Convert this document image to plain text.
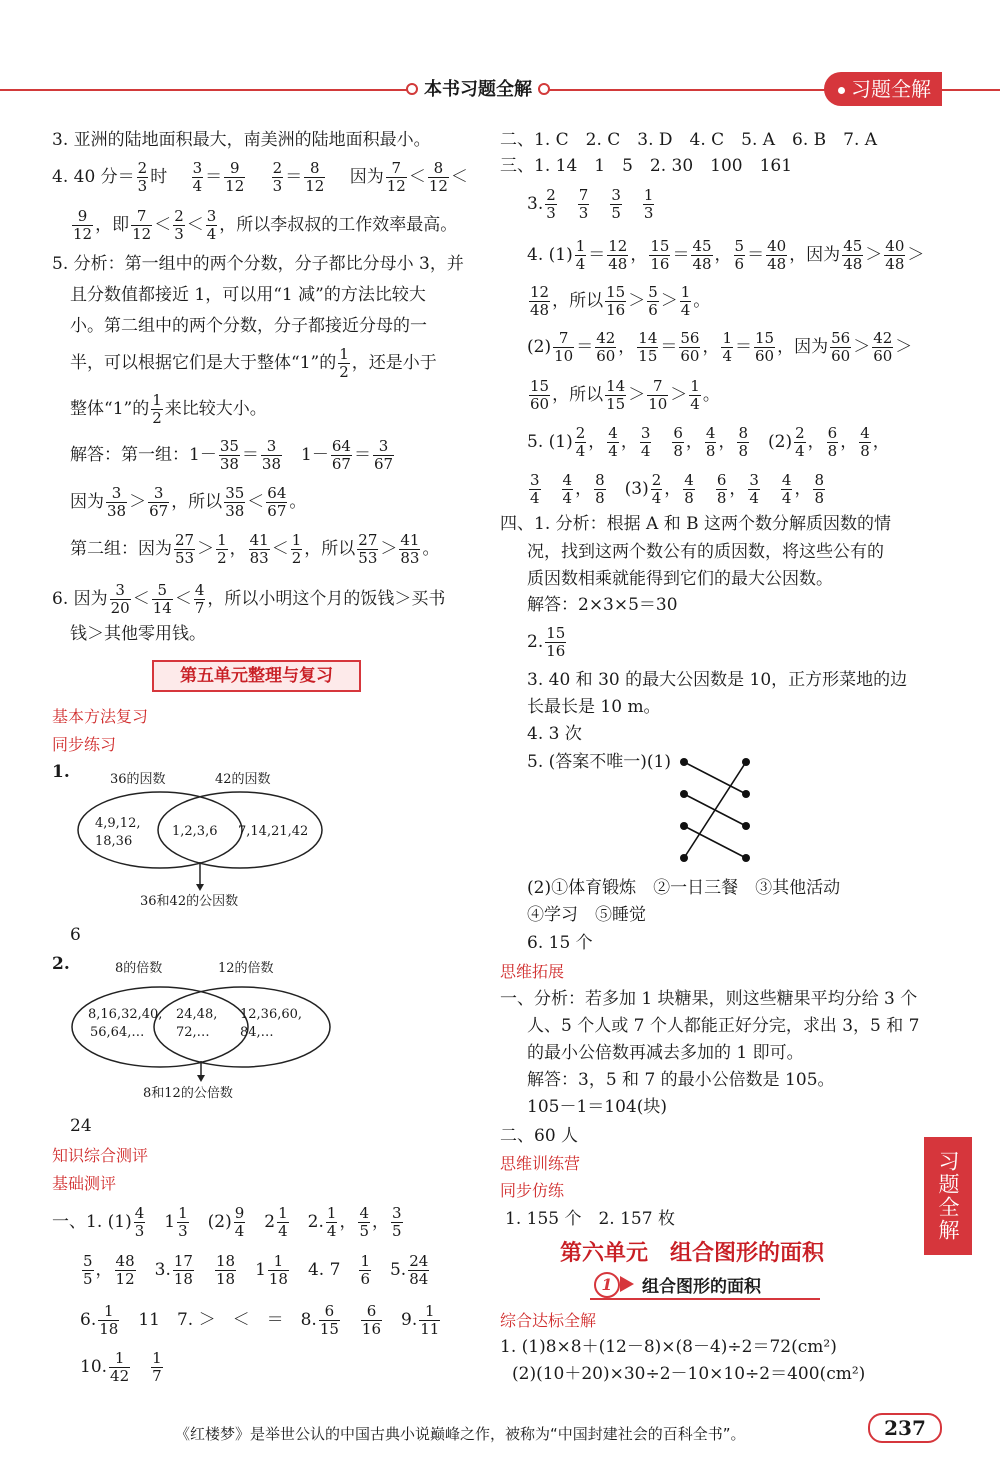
本书习题全解	习题全解
习题全解
3. 亚洲的陆地面积最大，南美洲的陆地面积最小。
4. 40 分＝ $\frac{2}{3}$ 时　 $\frac{3}{4} = \frac{9}{12}$
　 $\frac{2}{3} = \frac{8}{12}$
　 因为 $\frac{7}{12} < \frac{8}{12}$ ＜
$\frac{9}{12}$ ，即 $\frac{7}{12} < \frac{2}{3} < \frac{3}{4}$ ，所以李叔叔的工作效率最高。
5. 分析：第一组中的两个分数，分子都比分母小 3，并
且分数值都接近 1，可以用“1 减”的方法比较大
小。第二组中的两个分数，分子都接近分母的一
半，可以根据它们是大于整体“1”的 $\frac{1}{2}$ ，还是小于
整体“1”的 $\frac{1}{2}$ 来比较大小。
解答：第一组：$1- \frac{35}{38} = \frac{3}{38}$ 　$1- \frac{64}{67} = \frac{3}{67}$
因为 $\frac{3}{38} > \frac{3}{67}$ ，所以 $\frac{35}{38} < \frac{64}{67}$ 。
第二组：因为 $\frac{27}{53} > \frac{1}{2}$ ， $\frac{41}{83} < \frac{1}{2}$ ，所以 $\frac{27}{53} > \frac{41}{83}$ 。
6. 因为 $\frac{3}{20} < \frac{5}{14} < \frac{4}{7}$ ，所以小明这个月的饭钱＞买书
钱＞其他零用钱。
第五单元整理与复习
基本方法复习
同步练习
1.	36的因数	42的因数
4,9,12,
18,36
1,2,3,6 7,14,21,42
36和42的公因数
6
2.	8的倍数	12的倍数
8,16,32,40,
56,64,…
24,48,
72,…
12,36,60,
84,…
8和12的公倍数
24
知识综合测评
基础测评
一、1. $(1) \frac{4}{3}$
　 $1 \frac{1}{3}$
　 $(2) \frac{9}{4}$
　 $2 \frac{1}{4}$
　 2. $\frac{1}{4}$ ， $\frac{4}{5}$ ， $\frac{3}{5}$
$\frac{5}{5}$ ， $\frac{48}{12}$
　 3. $\frac{17}{18}$
　 $\frac{18}{18}$
　 $1 \frac{1}{18}$
　 4. 7　 $\frac{1}{6}$
　 5. $\frac{24}{84}$
6. $\frac{1}{18}$
　 11　 7. ＞　＜　＝　 8. $\frac{6}{15}$
　 $\frac{6}{16}$
　 9. $\frac{1}{11}$
10. $\frac{1}{42}$
　 $\frac{1}{7}$
二、1. C　2. C　3. D　4. C　5. A　6. B　7. A
三、1. 14　1　5　2. 30　100　161
3. $\frac{2}{3}$
　 $\frac{7}{3}$
　 $\frac{3}{5}$
　 $\frac{1}{3}$
4. $(1) \frac{1}{4} = \frac{12}{48}$ ， $\frac{15}{16} = \frac{45}{48}$ ， $\frac{5}{6} = \frac{40}{48}$ ，因为 $\frac{45}{48} > \frac{40}{48}$ ＞
$\frac{12}{48}$ ，所以 $\frac{15}{16} > \frac{5}{6} > \frac{1}{4}$ 。
$(2) \frac{7}{10} = \frac{42}{60}$ ， $\frac{14}{15} = \frac{56}{60}$ ， $\frac{1}{4} = \frac{15}{60}$ ，因为 $\frac{56}{60} > \frac{42}{60}$ ＞
$\frac{15}{60}$ ，所以 $\frac{14}{15} > \frac{7}{10} > \frac{1}{4}$ 。
5. $(1) \frac{2}{4}$ ， $\frac{4}{4}$ ， $\frac{3}{4}$
　 $\frac{6}{8}$ ， $\frac{4}{8}$ ， $\frac{8}{8}$
　 $(2) \frac{2}{4}$ ， $\frac{6}{8}$ ， $\frac{4}{8}$ ，
$\frac{3}{4}$
　 $\frac{4}{4}$ ， $\frac{8}{8}$
　 $(3) \frac{2}{4}$ ， $\frac{4}{8}$
　 $\frac{6}{8}$ ， $\frac{3}{4}$
　 $\frac{4}{4}$ ， $\frac{8}{8}$
四、1. 分析：根据 A 和 B 这两个数分解质因数的情
况，找到这两个数公有的质因数，将这些公有的
质因数相乘就能得到它们的最大公因数。
解答：2×3×5＝30
2. $\frac{15}{16}$
3. 40 和 30 的最大公因数是 10，正方形菜地的边
长最长是 10 m。
4. 3 次
5. (答案不唯一)(1)
(2)①体育锻炼　②一日三餐　③其他活动
④学习　⑤睡觉
6. 15 个
思维拓展
一、分析：若多加 1 块糖果，则这些糖果平均分给 3 个
人、5 个人或 7 个人都能正好分完，求出 3，5 和 7
的最小公倍数再减去多加的 1 即可。
解答：3，5 和 7 的最小公倍数是 105。
105－1＝104(块)
二、60 人
思维训练营
同步仿练
1. 155 个　2. 157 枚
第六单元　组合图形的面积
1	组合图形的面积
综合达标全解
1. (1)8×8＋(12－8)×(8－4)÷2＝72(cm²)
(2)(10＋20)×30÷2－10×10÷2＝400(cm²)
《红楼梦》是举世公认的中国古典小说巅峰之作，被称为“中国封建社会的百科全书”。	237
